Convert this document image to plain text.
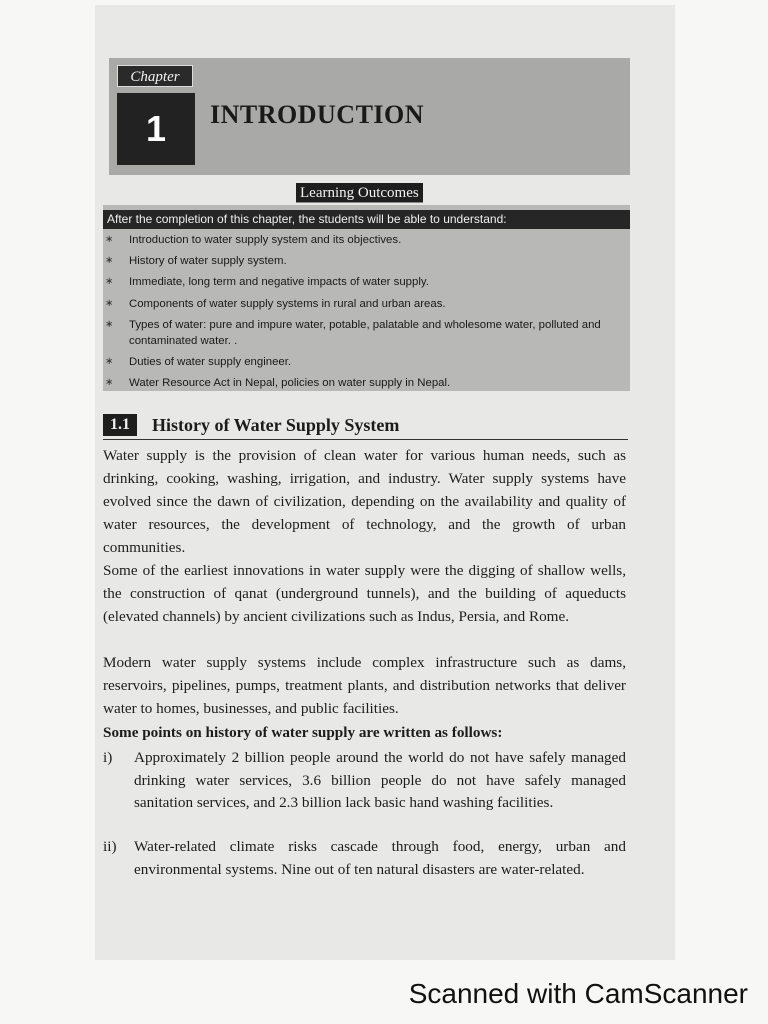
Chapter
1	INTRODUCTION
Learning Outcomes
After the completion of this chapter, the students will be able to understand:
∗ Introduction to water supply system and its objectives.
∗ History of water supply system.
∗ Immediate, long term and negative impacts of water supply.
∗ Components of water supply systems in rural and urban areas.
∗ Types of water: pure and impure water, potable, palatable and wholesome water, polluted and contaminated water. .
∗ Duties of water supply engineer.
∗ Water Resource Act in Nepal, policies on water supply in Nepal.
1.1	History of Water Supply System

Water supply is the provision of clean water for various human needs, such as drinking, cooking, washing, irrigation, and industry. Water supply systems have evolved since the dawn of civilization, depending on the availability and quality of water resources, the development of technology, and the growth of urban communities.

Some of the earliest innovations in water supply were the digging of shallow wells, the construction of qanat (underground tunnels), and the building of aqueducts (elevated channels) by ancient civilizations such as Indus, Persia, and Rome.

Modern water supply systems include complex infrastructure such as dams, reservoirs, pipelines, pumps, treatment plants, and distribution networks that deliver water to homes, businesses, and public facilities.

Some points on history of water supply are written as follows:
i) Approximately 2 billion people around the world do not have safely managed drinking water services, 3.6 billion people do not have safely managed sanitation services, and 2.3 billion lack basic hand washing facilities.

ii) Water-related climate risks cascade through food, energy, urban and environmental systems. Nine out of ten natural disasters are water-related.

Scanned with CamScanner
